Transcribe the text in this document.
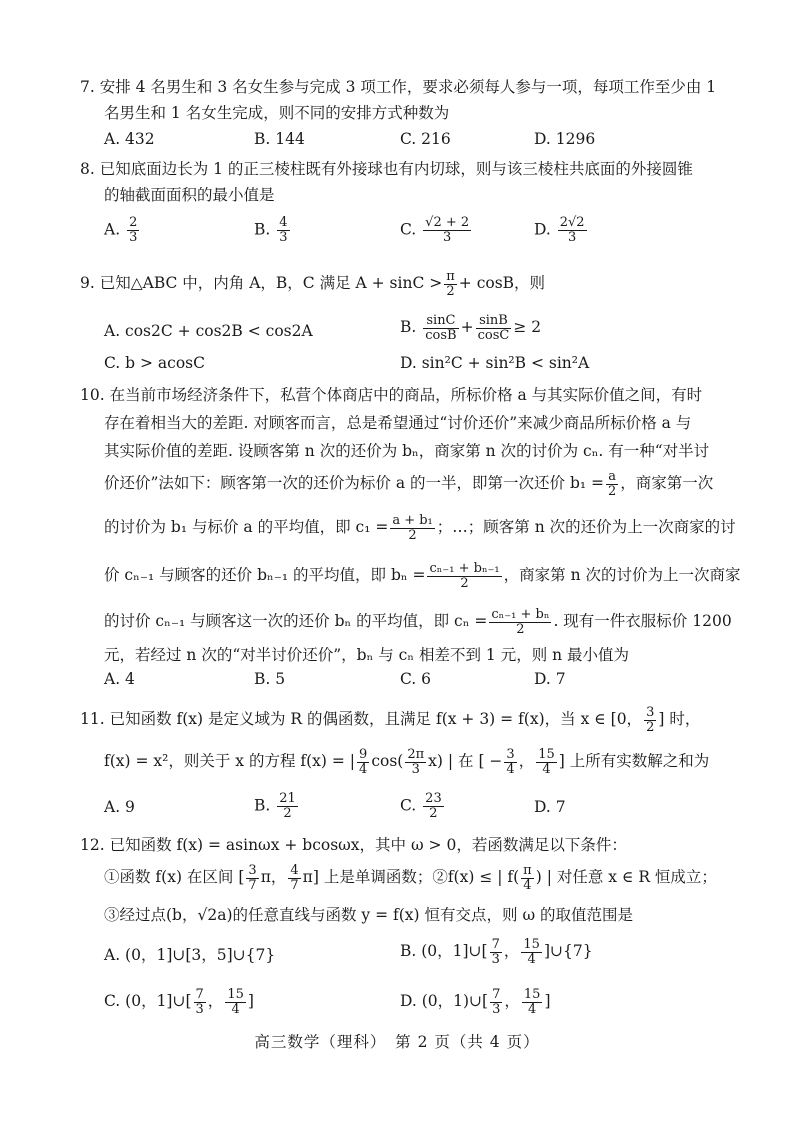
7. 安排 4 名男生和 3 名女生参与完成 3 项工作，要求必须每人参与一项，每项工作至少由 1
名男生和 1 名女生完成，则不同的安排方式种数为
A. 432	B. 144	C. 216	D. 1296
8. 已知底面边长为 1 的正三棱柱既有外接球也有内切球，则与该三棱柱共底面的外接圆锥
的轴截面面积的最小值是
A. $\frac{2}{3}$	B. $\frac{4}{3}$	C. $\frac{√2 + 2}{3}$	D. $\frac{2√2}{3}$
9. 已知△ABC 中，内角 A，B，C 满足 $A + \sin C > \frac{\pi}{2} + \cos B$，则
A. cos2C + cos2B < cos2A	B. $\frac{\sin C}{\cos B} + \frac{\sin B}{\cos C} \ge 2$
C. b > acosC	D. sin²C + sin²B < sin²A
10. 在当前市场经济条件下，私营个体商店中的商品，所标价格 a 与其实际价值之间，有时
存在着相当大的差距. 对顾客而言，总是希望通过“讨价还价”来减少商品所标价格 a 与
其实际价值的差距. 设顾客第 n 次的还价为 bₙ，商家第 n 次的讨价为 cₙ. 有一种“对半讨
价还价”法如下：顾客第一次的还价为标价 a 的一半，即第一次还价 $b_1 = \frac{a}{2}$ ，商家第一次
的讨价为 b₁ 与标价 a 的平均值，即 $c_1 = \frac{\text{a + b₁}}{2}$ ；…；顾客第 n 次的还价为上一次商家的讨
价 cₙ₋₁ 与顾客的还价 bₙ₋₁ 的平均值，即 $b_n = \frac{\text{cₙ₋₁ + bₙ₋₁}}{2}$ ，商家第 n 次的讨价为上一次商家
的讨价 cₙ₋₁ 与顾客这一次的还价 bₙ 的平均值，即 $c_n = \frac{\text{cₙ₋₁ + bₙ}}{2}$ . 现有一件衣服标价 1200
元，若经过 n 次的“对半讨价还价”，bₙ 与 cₙ 相差不到 1 元，则 n 最小值为
A. 4	B. 5	C. 6	D. 7
11. 已知函数 f(x) 是定义域为 R 的偶函数，且满足 f(x + 3) = f(x)，当 x ∈ [0， $\frac{3}{2}$ ] 时，
f(x) = x²，则关于 x 的方程 f(x) = | $\frac{9}{4} \cos( \frac{2\pi}{3} x)$ | 在 [ − $\frac{3}{4}$ ， $\frac{15}{4}$ ] 上所有实数解之和为
A. 9	B. $\frac{21}{2}$	C. $\frac{23}{2}$	D. 7
12. 已知函数 f(x) = asinωx + bcosωx，其中 ω > 0，若函数满足以下条件：
①函数 f(x) 在区间 [ $\frac{3}{7}$ π， $\frac{4}{7} \pi$] 上是单调函数；②f(x) ≤ | $f( \frac{\pi}{4}$ ) | 对任意 x ∈ R 恒成立；
③经过点(b，√2a)的任意直线与函数 y = f(x) 恒有交点，则 ω 的取值范围是
A. (0，1]∪[3，5]∪{7}	B. (0，1]∪[ $\frac{7}{3}$ ， $\frac{15}{4}$ ]∪{7}
C. (0，1]∪[ $\frac{7}{3}$ ， $\frac{15}{4}$ ]	D. (0，1)∪[ $\frac{7}{3}$ ， $\frac{15}{4}$ ]
高三数学（理科）　第 2 页（共 4 页）
